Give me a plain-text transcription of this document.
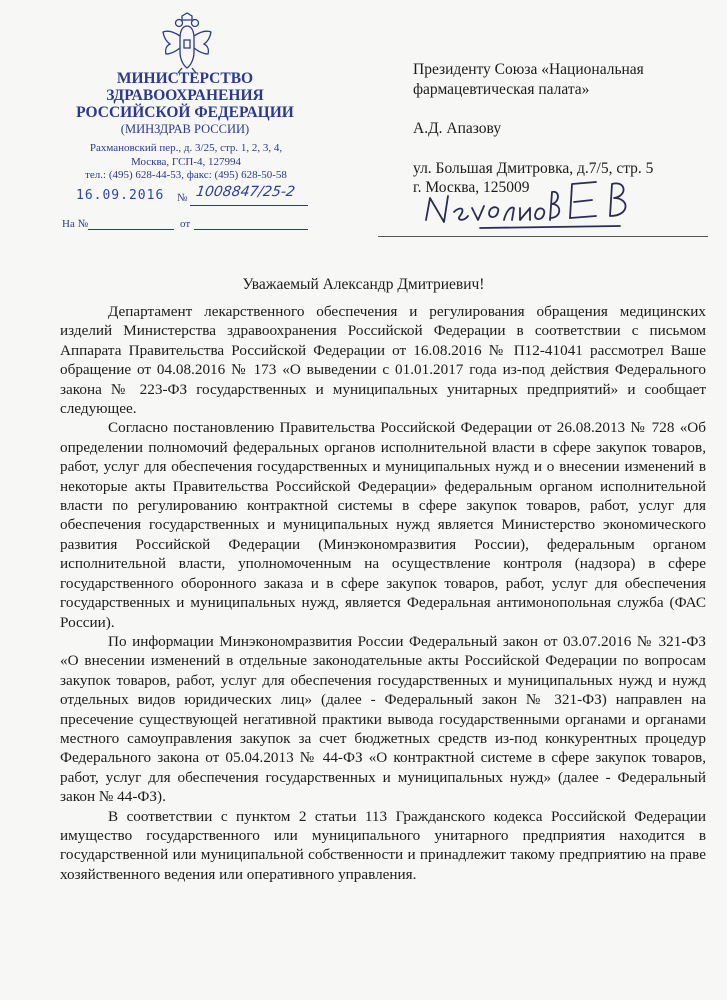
МИНИСТЕРСТВО
ЗДРАВООХРАНЕНИЯ
РОССИЙСКОЙ ФЕДЕРАЦИИ
(МИНЗДРАВ РОССИИ)
Рахмановский пер., д. 3/25, стр. 1, 2, 3, 4,
Москва, ГСП-4, 127994
тел.: (495) 628-44-53, факс: (495) 628-50-58
16.09.2016 № 1008847/25-2
На №	от

Президенту Союза «Национальная фармацевтическая палата»

А.Д. Апазову

ул. Большая Дмитровка, д.7/5, стр. 5

г. Москва, 125009

Уважаемый Александр Дмитриевич!

Департамент лекарственного обеспечения и регулирования обращения медицинских изделий Министерства здравоохранения Российской Федерации в соответствии с письмом Аппарата Правительства Российской Федерации от 16.08.2016 № П12-41041 рассмотрел Ваше обращение от 04.08.2016 № 173 «О выведении с 01.01.2017 года из-под действия Федерального закона № 223-ФЗ государственных и муниципальных унитарных предприятий» и сообщает следующее.

Согласно постановлению Правительства Российской Федерации от 26.08.2013 № 728 «Об определении полномочий федеральных органов исполнительной власти в сфере закупок товаров, работ, услуг для обеспечения государственных и муниципальных нужд и о внесении изменений в некоторые акты Правительства Российской Федерации» федеральным органом исполнительной власти по регулированию контрактной системы в сфере закупок товаров, работ, услуг для обеспечения государственных и муниципальных нужд является Министерство экономического развития Российской Федерации (Минэкономразвития России), федеральным органом исполнительной власти, уполномоченным на осуществление контроля (надзора) в сфере государственного оборонного заказа и в сфере закупок товаров, работ, услуг для обеспечения государственных и муниципальных нужд, является Федеральная антимонопольная служба (ФАС России).

По информации Минэкономразвития России Федеральный закон от 03.07.2016 № 321-ФЗ «О внесении изменений в отдельные законодательные акты Российской Федерации по вопросам закупок товаров, работ, услуг для обеспечения государственных и муниципальных нужд и нужд отдельных видов юридических лиц» (далее - Федеральный закон № 321-ФЗ) направлен на пресечение существующей негативной практики вывода государственными органами и органами местного самоуправления закупок за счет бюджетных средств из-под конкурентных процедур Федерального закона от 05.04.2013 № 44-ФЗ «О контрактной системе в сфере закупок товаров, работ, услуг для обеспечения государственных и муниципальных нужд» (далее - Федеральный закон № 44-ФЗ).

В соответствии с пунктом 2 статьи 113 Гражданского кодекса Российской Федерации имущество государственного или муниципального унитарного предприятия находится в государственной или муниципальной собственности и принадлежит такому предприятию на праве хозяйственного ведения или оперативного управления.
